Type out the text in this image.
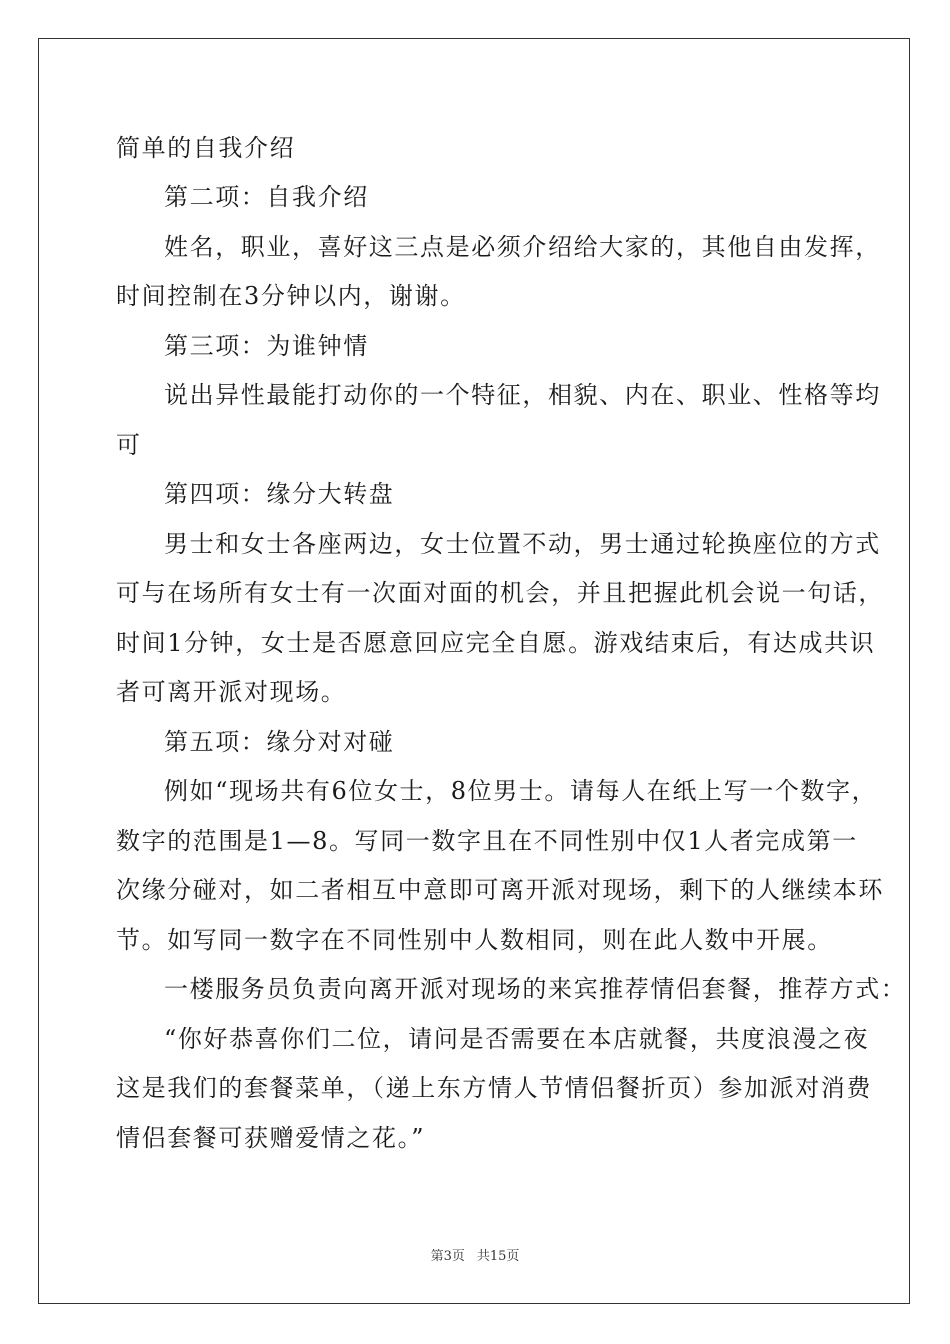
简单的自我介绍
第二项：自我介绍
姓名，职业，喜好这三点是必须介绍给大家的，其他自由发挥，
时间控制在3分钟以内，谢谢。
第三项：为谁钟情
说出异性最能打动你的一个特征，相貌、内在、职业、性格等均
可
第四项：缘分大转盘
男士和女士各座两边，女士位置不动，男士通过轮换座位的方式
可与在场所有女士有一次面对面的机会，并且把握此机会说一句话，
时间1分钟，女士是否愿意回应完全自愿。游戏结束后，有达成共识
者可离开派对现场。
第五项：缘分对对碰
例如“现场共有6位女士，8位男士。请每人在纸上写一个数字，
数字的范围是1—8。写同一数字且在不同性别中仅1人者完成第一
次缘分碰对，如二者相互中意即可离开派对现场，剩下的人继续本环
节。如写同一数字在不同性别中人数相同，则在此人数中开展。
一楼服务员负责向离开派对现场的来宾推荐情侣套餐，推荐方式：
“你好恭喜你们二位，请问是否需要在本店就餐，共度浪漫之夜
这是我们的套餐菜单，（递上东方情人节情侣餐折页）参加派对消费
情侣套餐可获赠爱情之花。”
第3页 共15页
